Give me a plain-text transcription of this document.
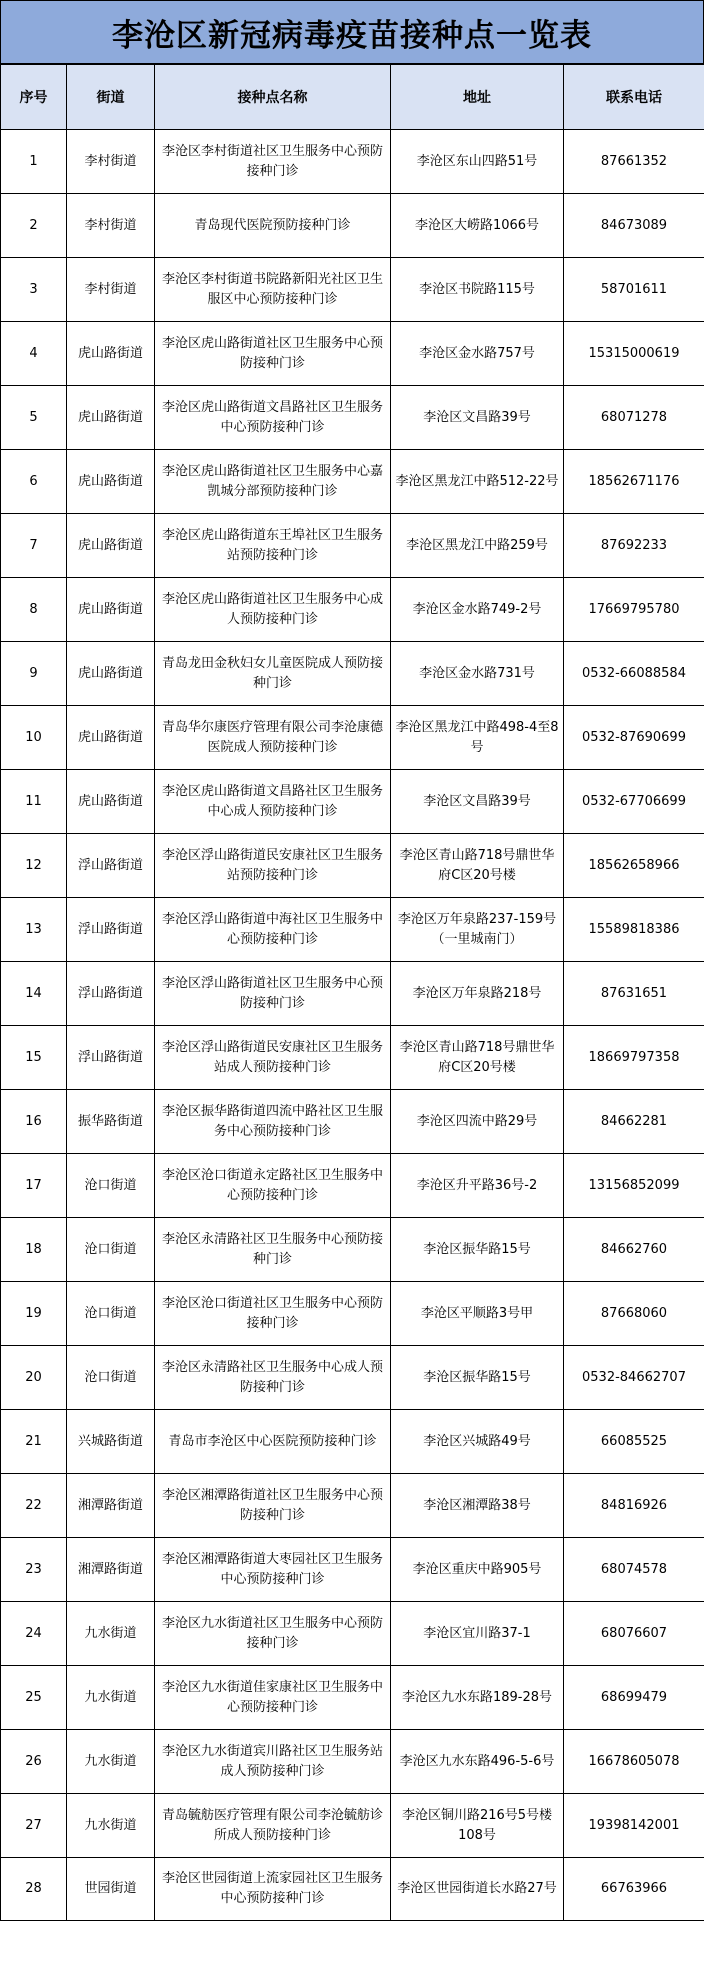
李沧区新冠病毒疫苗接种点一览表
序号	街道	接种点名称	地址	联系电话
1	李村街道	李沧区李村街道社区卫生服务中心预防接种门诊	李沧区东山四路51号	87661352
2	李村街道	青岛现代医院预防接种门诊	李沧区大崂路1066号	84673089
3	李村街道	李沧区李村街道书院路新阳光社区卫生服区中心预防接种门诊	李沧区书院路115号	58701611
4	虎山路街道	李沧区虎山路街道社区卫生服务中心预防接种门诊	李沧区金水路757号	15315000619
5	虎山路街道	李沧区虎山路街道文昌路社区卫生服务中心预防接种门诊	李沧区文昌路39号	68071278
6	虎山路街道	李沧区虎山路街道社区卫生服务中心嘉凯城分部预防接种门诊	李沧区黑龙江中路512-22号	18562671176
7	虎山路街道	李沧区虎山路街道东王埠社区卫生服务站预防接种门诊	李沧区黑龙江中路259号	87692233
8	虎山路街道	李沧区虎山路街道社区卫生服务中心成人预防接种门诊	李沧区金水路749-2号	17669795780
9	虎山路街道	青岛龙田金秋妇女儿童医院成人预防接种门诊	李沧区金水路731号	0532-66088584
10	虎山路街道	青岛华尔康医疗管理有限公司李沧康德医院成人预防接种门诊	李沧区黑龙江中路498-4至8号	0532-87690699
11	虎山路街道	李沧区虎山路街道文昌路社区卫生服务中心成人预防接种门诊	李沧区文昌路39号	0532-67706699
12	浮山路街道	李沧区浮山路街道民安康社区卫生服务站预防接种门诊	李沧区青山路718号鼎世华府C区20号楼	18562658966
13	浮山路街道	李沧区浮山路街道中海社区卫生服务中心预防接种门诊	李沧区万年泉路237-159号（一里城南门）	15589818386
14	浮山路街道	李沧区浮山路街道社区卫生服务中心预防接种门诊	李沧区万年泉路218号	87631651
15	浮山路街道	李沧区浮山路街道民安康社区卫生服务站成人预防接种门诊	李沧区青山路718号鼎世华府C区20号楼	18669797358
16	振华路街道	李沧区振华路街道四流中路社区卫生服务中心预防接种门诊	李沧区四流中路29号	84662281
17	沧口街道	李沧区沧口街道永定路社区卫生服务中心预防接种门诊	李沧区升平路36号-2	13156852099
18	沧口街道	李沧区永清路社区卫生服务中心预防接种门诊	李沧区振华路15号	84662760
19	沧口街道	李沧区沧口街道社区卫生服务中心预防接种门诊	李沧区平顺路3号甲	87668060
20	沧口街道	李沧区永清路社区卫生服务中心成人预防接种门诊	李沧区振华路15号	0532-84662707
21	兴城路街道	青岛市李沧区中心医院预防接种门诊	李沧区兴城路49号	66085525
22	湘潭路街道	李沧区湘潭路街道社区卫生服务中心预防接种门诊	李沧区湘潭路38号	84816926
23	湘潭路街道	李沧区湘潭路街道大枣园社区卫生服务中心预防接种门诊	李沧区重庆中路905号	68074578
24	九水街道	李沧区九水街道社区卫生服务中心预防接种门诊	李沧区宜川路37-1	68076607
25	九水街道	李沧区九水街道佳家康社区卫生服务中心预防接种门诊	李沧区九水东路189-28号	68699479
26	九水街道	李沧区九水街道宾川路社区卫生服务站成人预防接种门诊	李沧区九水东路496-5-6号	16678605078
27	九水街道	青岛毓舫医疗管理有限公司李沧毓舫诊所成人预防接种门诊	李沧区铜川路216号5号楼108号	19398142001
28	世园街道	李沧区世园街道上流家园社区卫生服务中心预防接种门诊	李沧区世园街道长水路27号	66763966
